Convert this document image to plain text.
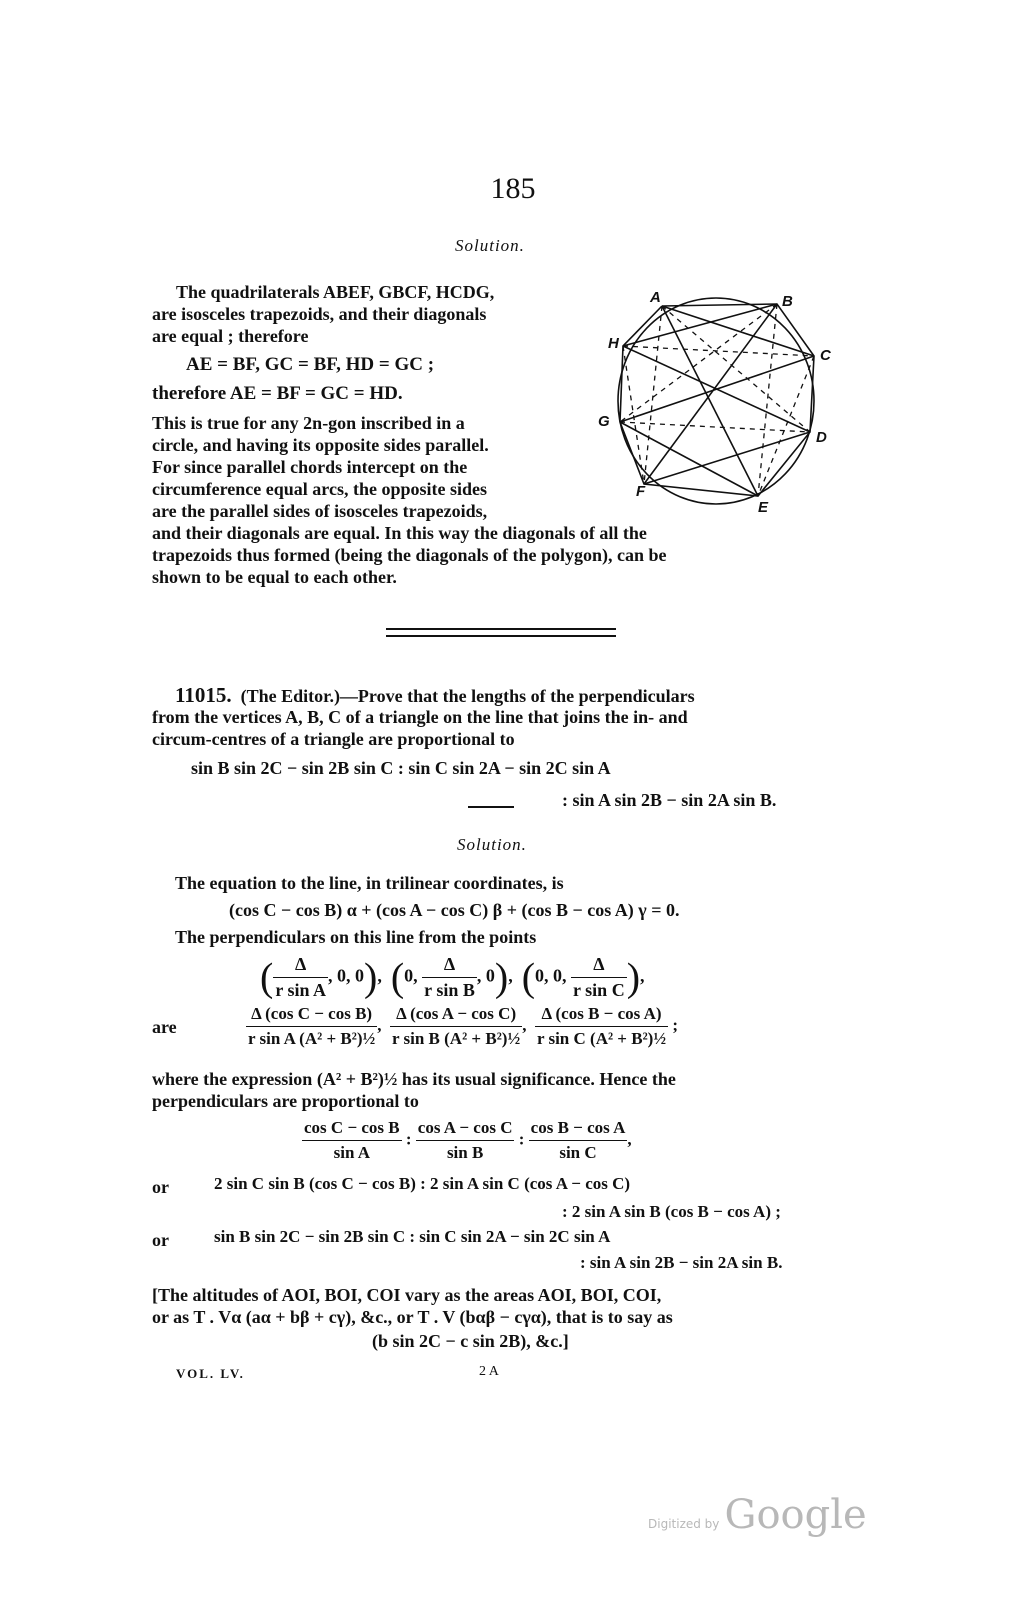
185
Solution.
The quadrilaterals ABEF, GBCF, HCDG,
are isosceles trapezoids, and their diagonals
are equal ; therefore
AE = BF, GC = BF, HD = GC ;
therefore AE = BF = GC = HD.
This is true for any 2n-gon inscribed in a
circle, and having its opposite sides parallel.
For since parallel chords intercept on the
circumference equal arcs, the opposite sides
are the parallel sides of isosceles trapezoids,
and their diagonals are equal. In this way the diagonals of all the
trapezoids thus formed (being the diagonals of the polygon), can be
shown to be equal to each other.
A	B
C
D
E
F
G
H
11015. (The Editor.)—Prove that the lengths of the perpendiculars
from the vertices A, B, C of a triangle on the line that joins the in- and
circum-centres of a triangle are proportional to
sin B sin 2C − sin 2B sin C : sin C sin 2A − sin 2C sin A
: sin A sin 2B − sin 2A sin B.
Solution.
The equation to the line, in trilinear coordinates, is
(cos C − cos B) α + (cos A − cos C) β + (cos B − cos A) γ = 0.
The perpendiculars on this line from the points
( $\frac{\Delta}{\text{r sin A}}$ , 0, 0),  (0, $\frac{\Delta}{\text{r sin B}}$ , 0),  (0, 0, $\frac{\Delta}{\text{r sin C}}$ ),
are	$\frac{\text{Δ (cos C − cos B)}}{\text{r sin A (A² + B²)½}}$ , $\frac{\text{Δ (cos A − cos C)}}{\text{r sin B (A² + B²)½}}$ , $\frac{\text{Δ (cos B − cos A)}}{\text{r sin C (A² + B²)½}}$ ;
where the expression (A² + B²)½ has its usual significance. Hence the
perpendiculars are proportional to
$\frac{\text{cos C − cos B}}{\text{sin A}}$ : $\frac{\text{cos A − cos C}}{\text{sin B}}$ : $\frac{\text{cos B − cos A}}{\text{sin C}}$ ,
or	2 sin C sin B (cos C − cos B) : 2 sin A sin C (cos A − cos C)
: 2 sin A sin B (cos B − cos A) ;
or	sin B sin 2C − sin 2B sin C : sin C sin 2A − sin 2C sin A
: sin A sin 2B − sin 2A sin B.
[The altitudes of AOI, BOI, COI vary as the areas AOI, BOI, COI,
or as T . Vα (aα + bβ + cγ), &c., or T . V (bαβ − cγα), that is to say as
(b sin 2C − c sin 2B), &c.]
VOL. LV.	2 A
Digitized by Google
